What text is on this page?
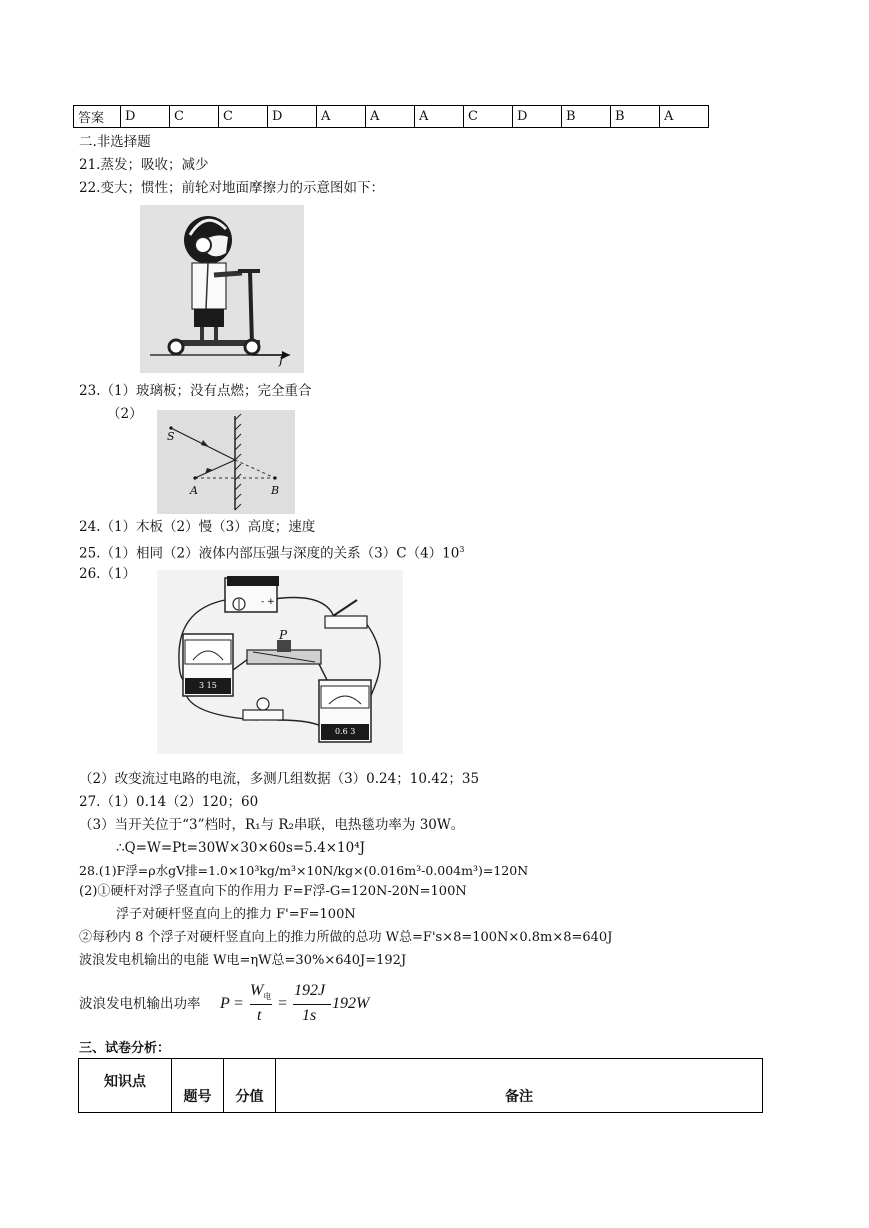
答案	D	C	C	D	A	A	A	C	D	B	B	A
二.非选择题
21.蒸发；吸收；减少
22.变大；惯性；前轮对地面摩擦力的示意图如下：
f
23.（1）玻璃板；没有点燃；完全重合
（2）
S
A	B
24.（1）木板（2）慢（3）高度；速度
25.（1）相同（2）液体内部压强与深度的关系$(3)C(4)10^3$
26.（1）
- +
P
3 15
0.6 3
（2）改变流过电路的电流，多测几组数据（3）0.24；10.42；35
27.（1）0.14（2）120；60
（3）当开关位于“3”档时，R₁与 R₂串联，电热毯功率为 30W。
∴Q=W=Pt=30W×30×60s=5.4×10⁴J
28.(1)F浮=ρ水gV排=1.0×10³kg/m³×10N/kg×(0.016m³-0.004m³)=120N
(2)①硬杆对浮子竖直向下的作用力 F=F浮-G=120N-20N=100N
浮子对硬杆竖直向上的推力 F'=F=100N
②每秒内 8 个浮子对硬杆竖直向上的推力所做的总功 W总=F's×8=100N×0.8m×8=640J
波浪发电机输出的电能 W电=ηW总=30%×640J=192J
波浪发电机输出功率 P =
$W_电$
t
=
192J
1s
192W
三、试卷分析：
知识点	题号	分值	备注
